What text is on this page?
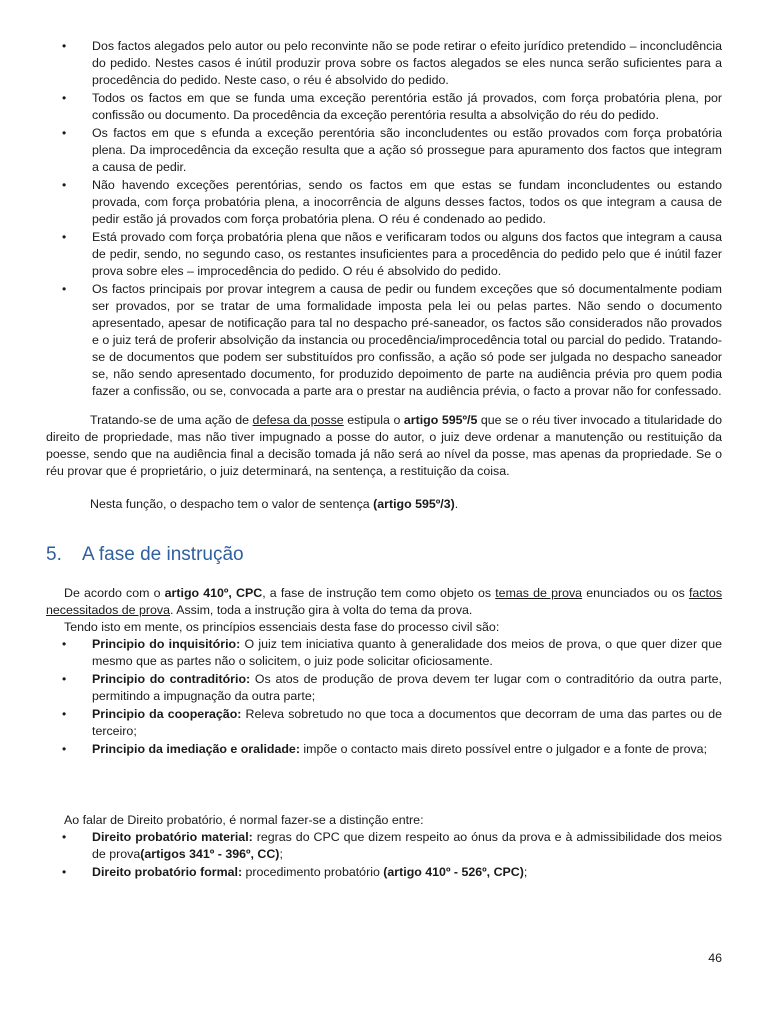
• Dos factos alegados pelo autor ou pelo reconvinte não se pode retirar o efeito jurídico pretendido – inconcludência do pedido. Nestes casos é inútil produzir prova sobre os factos alegados se eles nunca serão suficientes para a procedência do pedido. Neste caso, o réu é absolvido do pedido.
• Todos os factos em que se funda uma exceção perentória estão já provados, com força probatória plena, por confissão ou documento. Da procedência da exceção perentória resulta a absolvição do réu do pedido.
• Os factos em que s efunda a exceção perentória são inconcludentes ou estão provados com força probatória plena. Da improcedência da exceção resulta que a ação só prossegue para apuramento dos factos que integram a causa de pedir.
• Não havendo exceções perentórias, sendo os factos em que estas se fundam inconcludentes ou estando provada, com força probatória plena, a inocorrência de alguns desses factos, todos os que integram a causa de pedir estão já provados com força probatória plena. O réu é condenado ao pedido.
• Está provado com força probatória plena que nãos e verificaram todos ou alguns dos factos que integram a causa de pedir, sendo, no segundo caso, os restantes insuficientes para a procedência do pedido pelo que é inútil fazer prova sobre eles – improcedência do pedido. O réu é absolvido do pedido.
• Os factos principais por provar integrem a causa de pedir ou fundem exceções que só documentalmente podiam ser provados, por se tratar de uma formalidade imposta pela lei ou pelas partes. Não sendo o documento apresentado, apesar de notificação para tal no despacho pré-saneador, os factos são considerados não provados e o juiz terá de proferir absolvição da instancia ou procedência/improcedência total ou parcial do pedido. Tratando-se de documentos que podem ser substituídos pro confissão, a ação só pode ser julgada no despacho saneador se, não sendo apresentado documento, for produzido depoimento de parte na audiência prévia pro quem podia fazer a confissão, ou se, convocada a parte ara o prestar na audiência prévia, o facto a provar não for confessado.

Tratando-se de uma ação de defesa da posse estipula o artigo 595º/5 que se o réu tiver invocado a titularidade do direito de propriedade, mas não tiver impugnado a posse do autor, o juiz deve ordenar a manutenção ou restituição da poesse, sendo que na audiência final a decisão tomada já não será ao nível da posse, mas apenas da propriedade. Se o réu provar que é proprietário, o juiz determinará, na sentença, a restituição da coisa.

Nesta função, o despacho tem o valor de sentença (artigo 595º/3).

5. A fase de instrução

De acordo com o artigo 410º, CPC, a fase de instrução tem como objeto os temas de prova enunciados ou os factos necessitados de prova. Assim, toda a instrução gira à volta do tema da prova.

Tendo isto em mente, os princípios essenciais desta fase do processo civil são:

• Principio do inquisitório: O juiz tem iniciativa quanto à generalidade dos meios de prova, o que quer dizer que mesmo que as partes não o solicitem, o juiz pode solicitar oficiosamente.
• Principio do contraditório: Os atos de produção de prova devem ter lugar com o contraditório da outra parte, permitindo a impugnação da outra parte;
• Principio da cooperação: Releva sobretudo no que toca a documentos que decorram de uma das partes ou de terceiro;
• Principio da imediação e oralidade: impõe o contacto mais direto possível entre o julgador e a fonte de prova;

Ao falar de Direito probatório, é normal fazer-se a distinção entre:

• Direito probatório material: regras do CPC que dizem respeito ao ónus da prova e à admissibilidade dos meios de prova(artigos 341º - 396º, CC);
• Direito probatório formal: procedimento probatório (artigo 410º - 526º, CPC);
46
